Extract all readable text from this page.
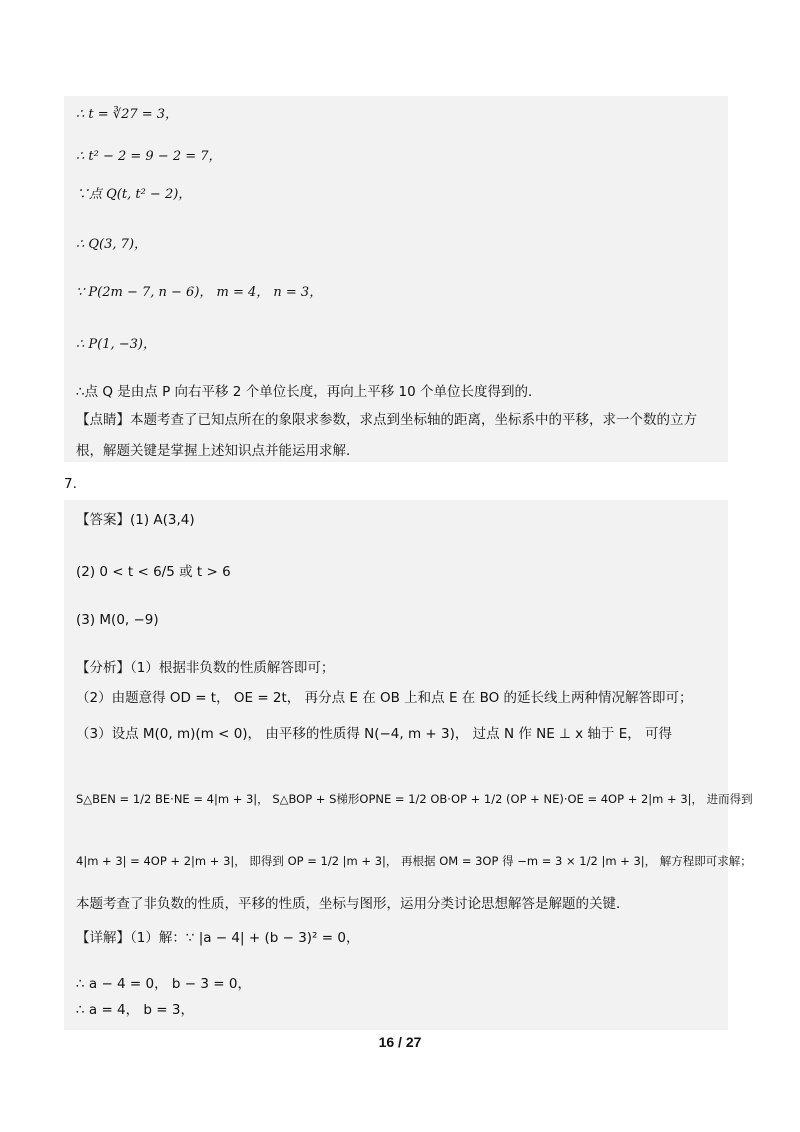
∴ t = ∛27 = 3，
∴ t² − 2 = 9 − 2 = 7，
∵点 Q(t, t² − 2)，
∴ Q(3, 7)，
∵ P(2m − 7, n − 6)， m = 4， n = 3，
∴ P(1, −3)，
∴点 Q 是由点 P 向右平移 2 个单位长度，再向上平移 10 个单位长度得到的．
【点睛】本题考查了已知点所在的象限求参数，求点到坐标轴的距离，坐标系中的平移，求一个数的立方
根，解题关键是掌握上述知识点并能运用求解．
7.
【答案】(1) A(3,4)
(2) 0 < t < 6/5 或 t > 6
(3) M(0, −9)
【分析】（1）根据非负数的性质解答即可；
（2）由题意得 OD = t， OE = 2t， 再分点 E 在 OB 上和点 E 在 BO 的延长线上两种情况解答即可；
（3）设点 M(0, m)(m < 0)， 由平移的性质得 N(−4, m + 3)， 过点 N 作 NE ⊥ x 轴于 E， 可得
S△BEN = 1/2 BE·NE = 4|m + 3|， S△BOP + S梯形OPNE = 1/2 OB·OP + 1/2 (OP + NE)·OE = 4OP + 2|m + 3|， 进而得到
4|m + 3| = 4OP + 2|m + 3|， 即得到 OP = 1/2 |m + 3|， 再根据 OM = 3OP 得 −m = 3 × 1/2 |m + 3|， 解方程即可求解；
本题考查了非负数的性质，平移的性质，坐标与图形，运用分类讨论思想解答是解题的关键．
【详解】（1）解：∵ |a − 4| + (b − 3)² = 0，
∴ a − 4 = 0， b − 3 = 0，
∴ a = 4， b = 3，
16 / 27
